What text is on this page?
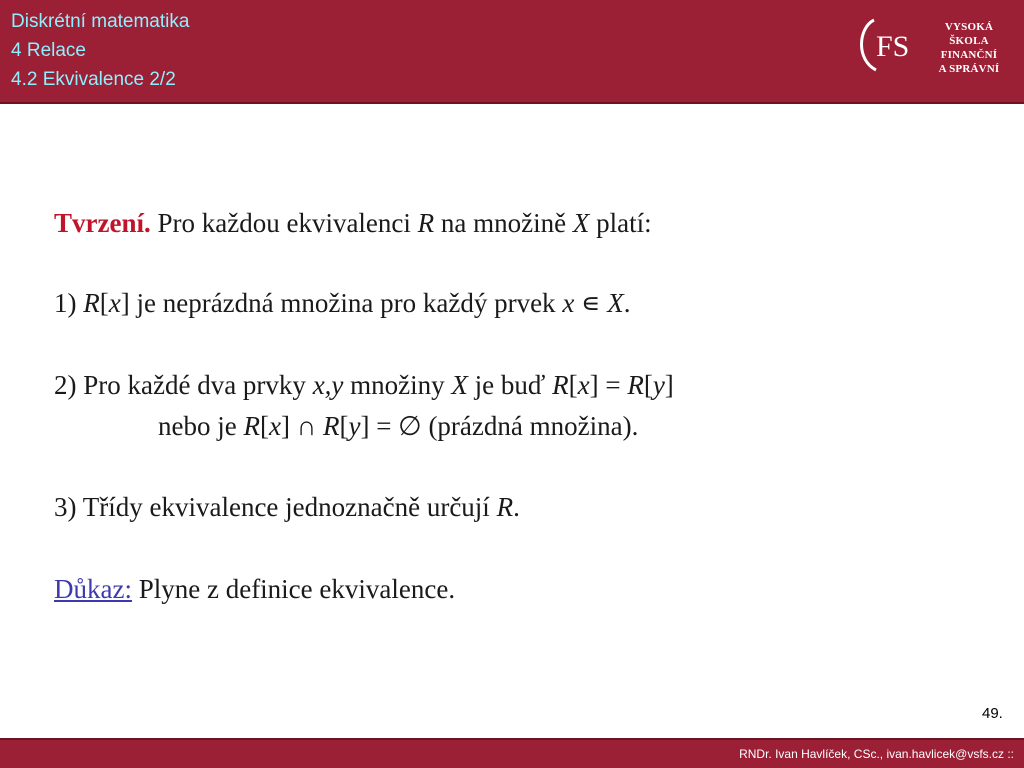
Diskrétní matematika
4 Relace
4.2 Ekvivalence 2/2
FS
VYSOKÁ ŠKOLA
FINANČNÍ
A SPRÁVNÍ
Tvrzení. Pro každou ekvivalenci R na množině X platí:
1) R[x] je neprázdná množina pro každý prvek x ∊ X.
2) Pro každé dva prvky x,y množiny X je buď R[x] = R[y]
nebo je R[x] ∩ R[y] = ∅ (prázdná množina).
3) Třídy ekvivalence jednoznačně určují R.
Důkaz: Plyne z definice ekvivalence.
49.
RNDr. Ivan Havlíček, CSc., ivan.havlicek@vsfs.cz ::
